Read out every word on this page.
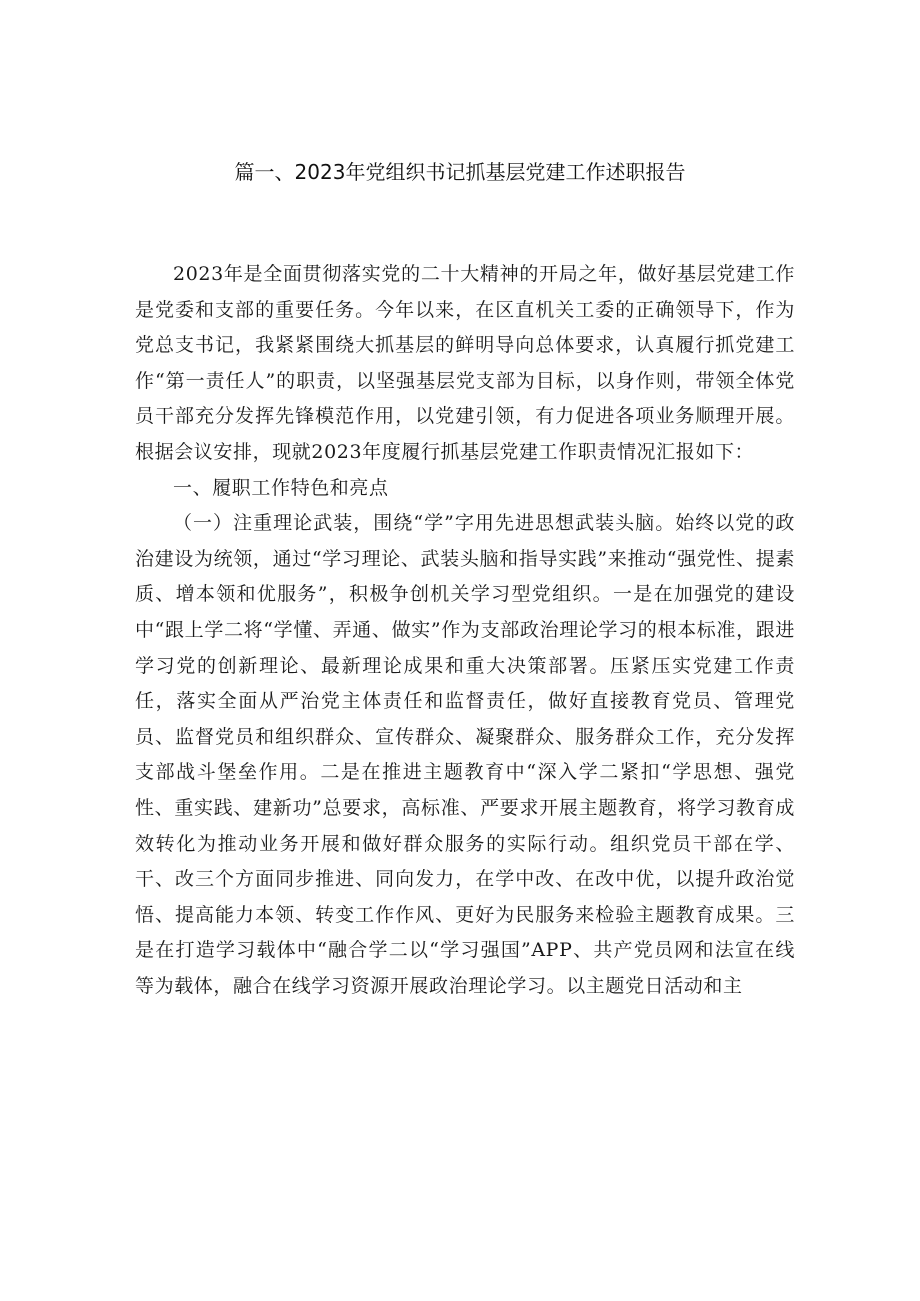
篇一、2023年党组织书记抓基层党建工作述职报告

2023年是全面贯彻落实党的二十大精神的开局之年，做好基层党建工作是党委和支部的重要任务。今年以来，在区直机关工委的正确领导下，作为党总支书记，我紧紧围绕大抓基层的鲜明导向总体要求，认真履行抓党建工作“第一责任人”的职责，以坚强基层党支部为目标，以身作则，带领全体党员干部充分发挥先锋模范作用，以党建引领，有力促进各项业务顺理开展。根据会议安排，现就2023年度履行抓基层党建工作职责情况汇报如下：

一、履职工作特色和亮点

（一）注重理论武装，围绕“学”字用先进思想武装头脑。始终以党的政治建设为统领，通过“学习理论、武装头脑和指导实践”来推动“强党性、提素质、增本领和优服务”，积极争创机关学习型党组织。一是在加强党的建设中“跟上学二将“学懂、弄通、做实”作为支部政治理论学习的根本标准，跟进学习党的创新理论、最新理论成果和重大决策部署。压紧压实党建工作责任，落实全面从严治党主体责任和监督责任，做好直接教育党员、管理党员、监督党员和组织群众、宣传群众、凝聚群众、服务群众工作，充分发挥支部战斗堡垒作用。二是在推进主题教育中“深入学二紧扣“学思想、强党性、重实践、建新功”总要求，高标准、严要求开展主题教育，将学习教育成效转化为推动业务开展和做好群众服务的实际行动。组织党员干部在学、干、改三个方面同步推进、同向发力，在学中改、在改中优，以提升政治觉悟、提高能力本领、转变工作作风、更好为民服务来检验主题教育成果。三是在打造学习载体中“融合学二以“学习强国”APP、共产党员网和法宣在线等为载体，融合在线学习资源开展政治理论学习。以主题党日活动和主
